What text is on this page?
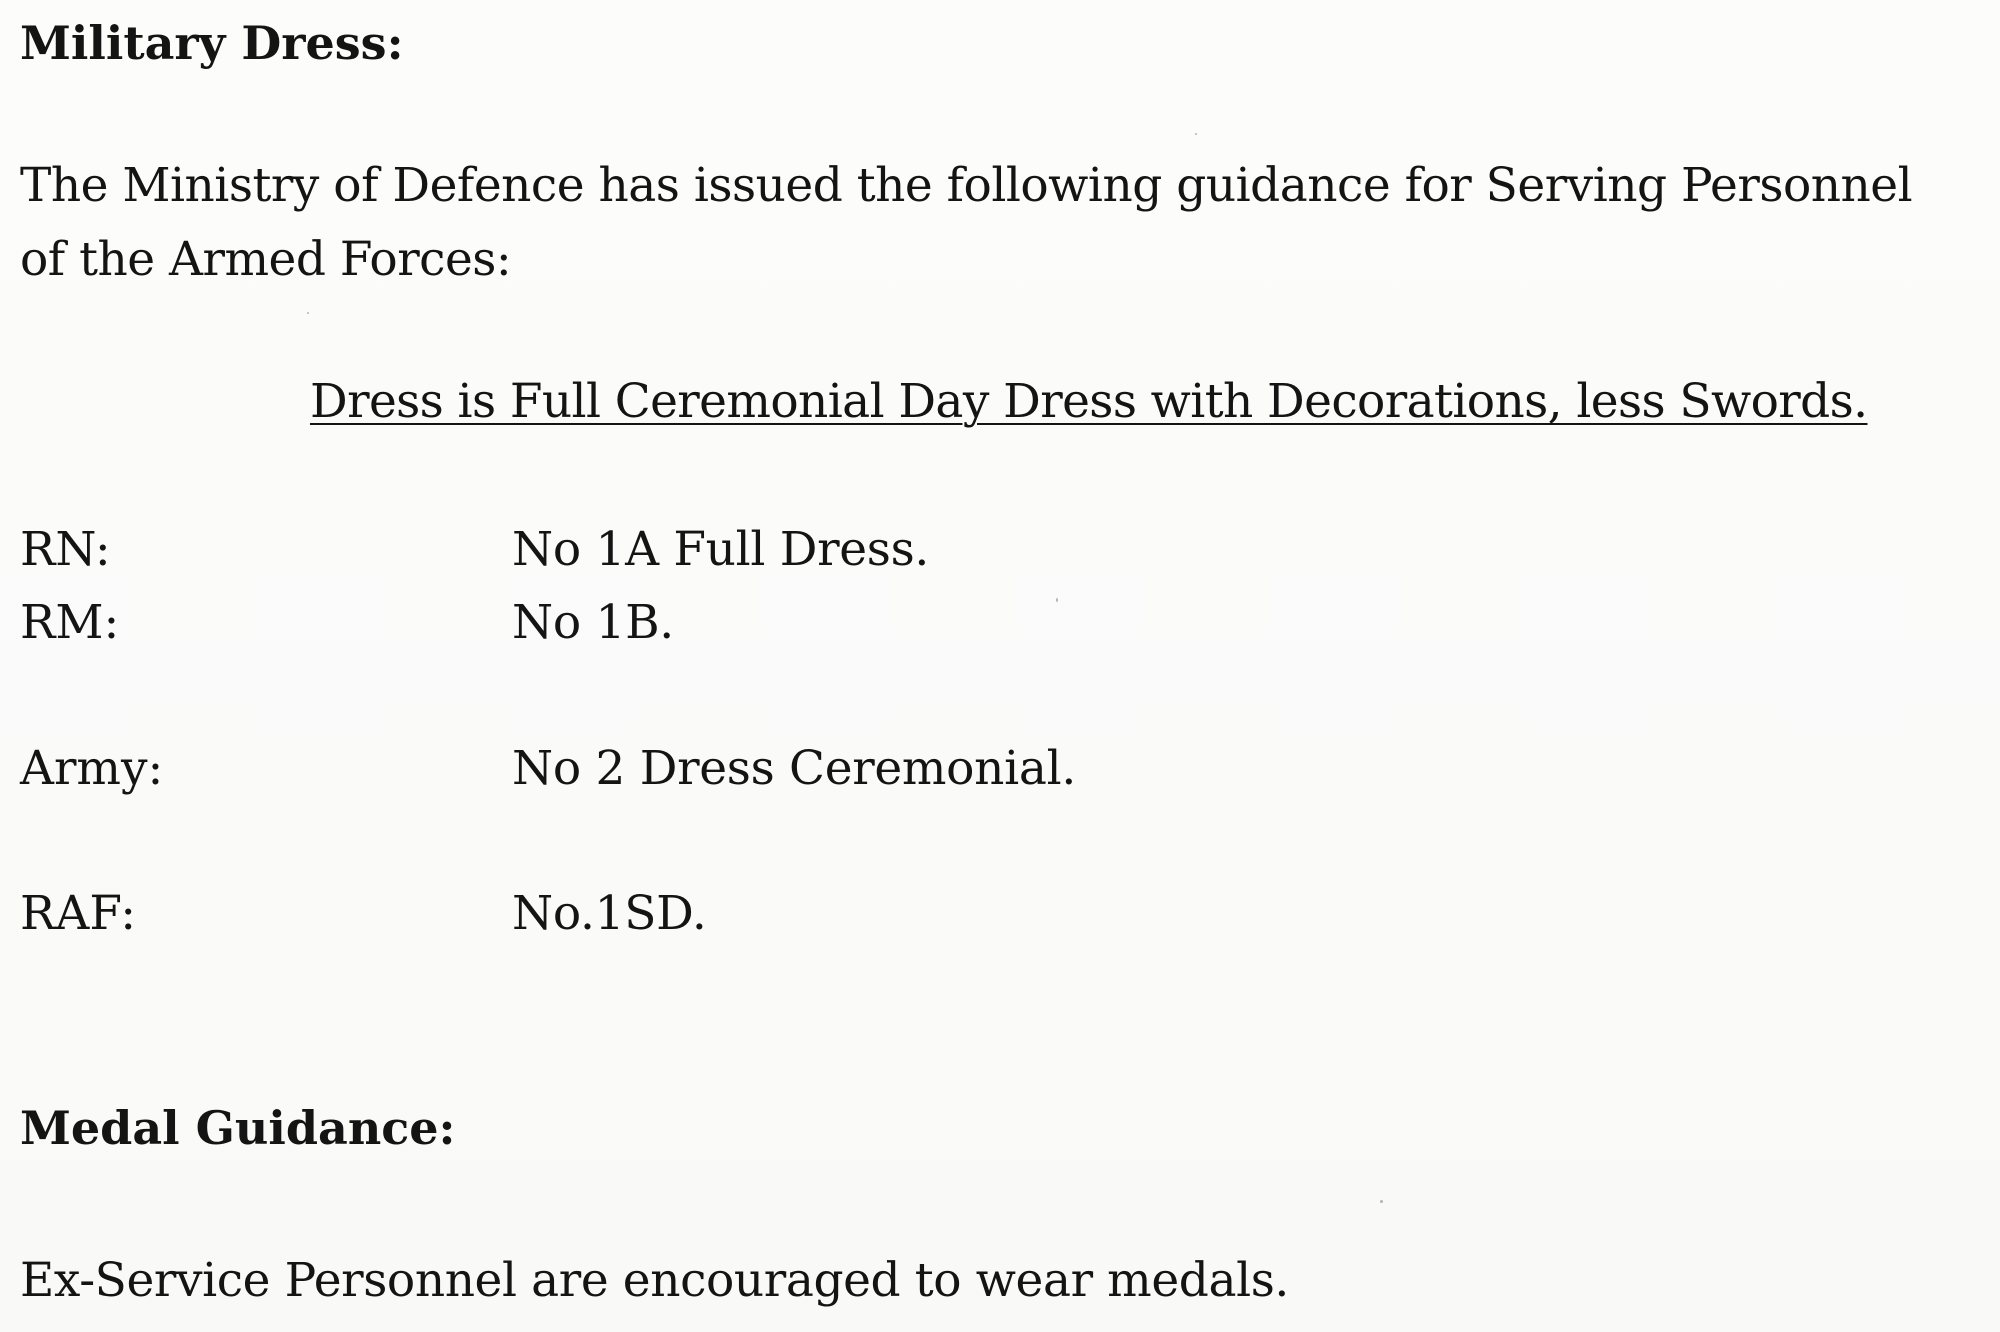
Military Dress:
The Ministry of Defence has issued the following guidance for Serving Personnel
of the Armed Forces:
Dress is Full Ceremonial Day Dress with Decorations, less Swords.
RN:	No 1A Full Dress.
RM:	No 1B.
Army:	No 2 Dress Ceremonial.
RAF:	No.1SD.
Medal Guidance:
Ex-Service Personnel are encouraged to wear medals.
